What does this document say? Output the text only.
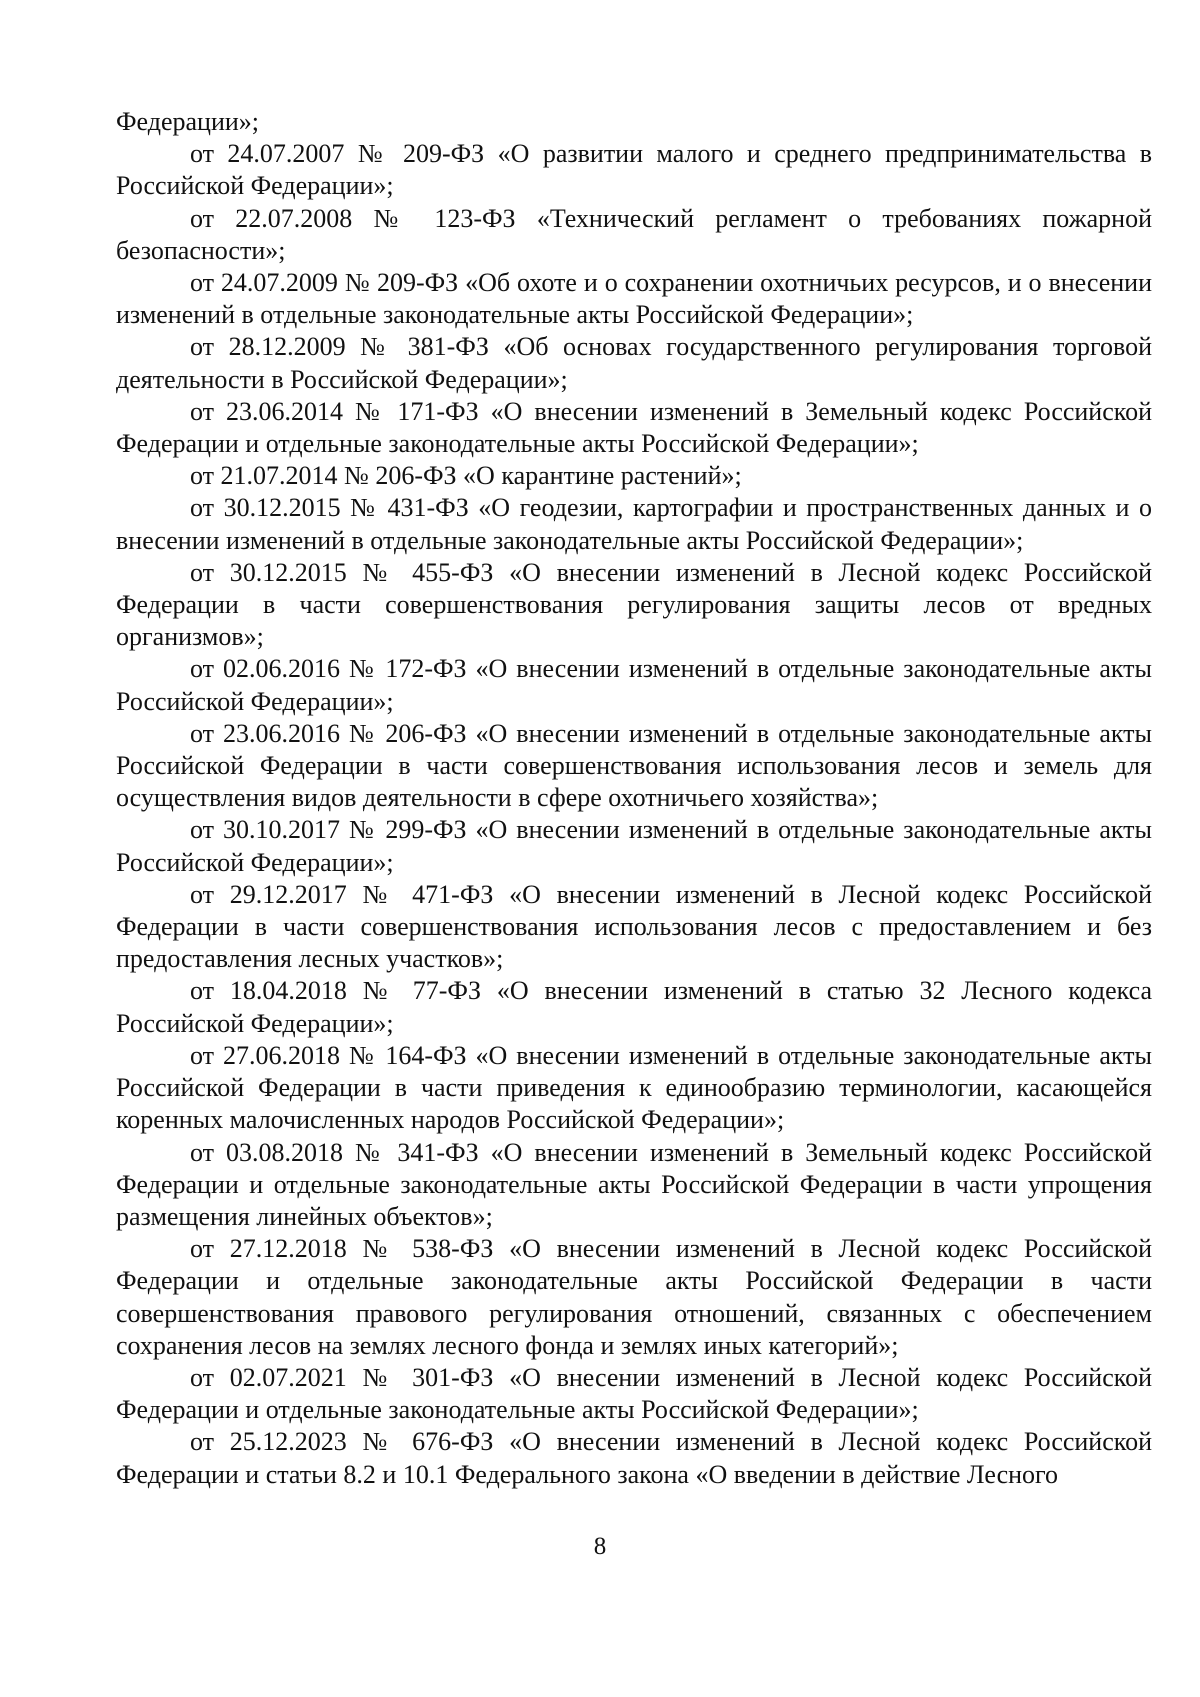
Федерации»;

от 24.07.2007 № 209-ФЗ «О развитии малого и среднего предпринимательства в Российской Федерации»;

от 22.07.2008 № 123-ФЗ «Технический регламент о требованиях пожарной безопасности»;

от 24.07.2009 № 209-ФЗ «Об охоте и о сохранении охотничьих ресурсов, и о внесении изменений в отдельные законодательные акты Российской Федерации»;

от 28.12.2009 № 381-ФЗ «Об основах государственного регулирования торговой деятельности в Российской Федерации»;

от 23.06.2014 № 171-ФЗ «О внесении изменений в Земельный кодекс Российской Федерации и отдельные законодательные акты Российской Федерации»;

от 21.07.2014 № 206-ФЗ «О карантине растений»;

от 30.12.2015 № 431-ФЗ «О геодезии, картографии и пространственных данных и о внесении изменений в отдельные законодательные акты Российской Федерации»;

от 30.12.2015 № 455-ФЗ «О внесении изменений в Лесной кодекс Российской Федерации в части совершенствования регулирования защиты лесов от вредных организмов»;

от 02.06.2016 № 172-ФЗ «О внесении изменений в отдельные законодательные акты Российской Федерации»;

от 23.06.2016 № 206-ФЗ «О внесении изменений в отдельные законодательные акты Российской Федерации в части совершенствования использования лесов и земель для осуществления видов деятельности в сфере охотничьего хозяйства»;

от 30.10.2017 № 299-ФЗ «О внесении изменений в отдельные законодательные акты Российской Федерации»;

от 29.12.2017 № 471-ФЗ «О внесении изменений в Лесной кодекс Российской Федерации в части совершенствования использования лесов с предоставлением и без предоставления лесных участков»;

от 18.04.2018 № 77-ФЗ «О внесении изменений в статью 32 Лесного кодекса Российской Федерации»;

от 27.06.2018 № 164-ФЗ «О внесении изменений в отдельные законодательные акты Российской Федерации в части приведения к единообразию терминологии, касающейся коренных малочисленных народов Российской Федерации»;

от 03.08.2018 № 341-ФЗ «О внесении изменений в Земельный кодекс Российской Федерации и отдельные законодательные акты Российской Федерации в части упрощения размещения линейных объектов»;

от 27.12.2018 № 538-ФЗ «О внесении изменений в Лесной кодекс Российской Федерации и отдельные законодательные акты Российской Федерации в части совершенствования правового регулирования отношений, связанных с обеспечением сохранения лесов на землях лесного фонда и землях иных категорий»;

от 02.07.2021 № 301-ФЗ «О внесении изменений в Лесной кодекс Российской Федерации и отдельные законодательные акты Российской Федерации»;

от 25.12.2023 № 676-ФЗ «О внесении изменений в Лесной кодекс Российской Федерации и статьи 8.2 и 10.1 Федерального закона «О введении в действие Лесного

8
